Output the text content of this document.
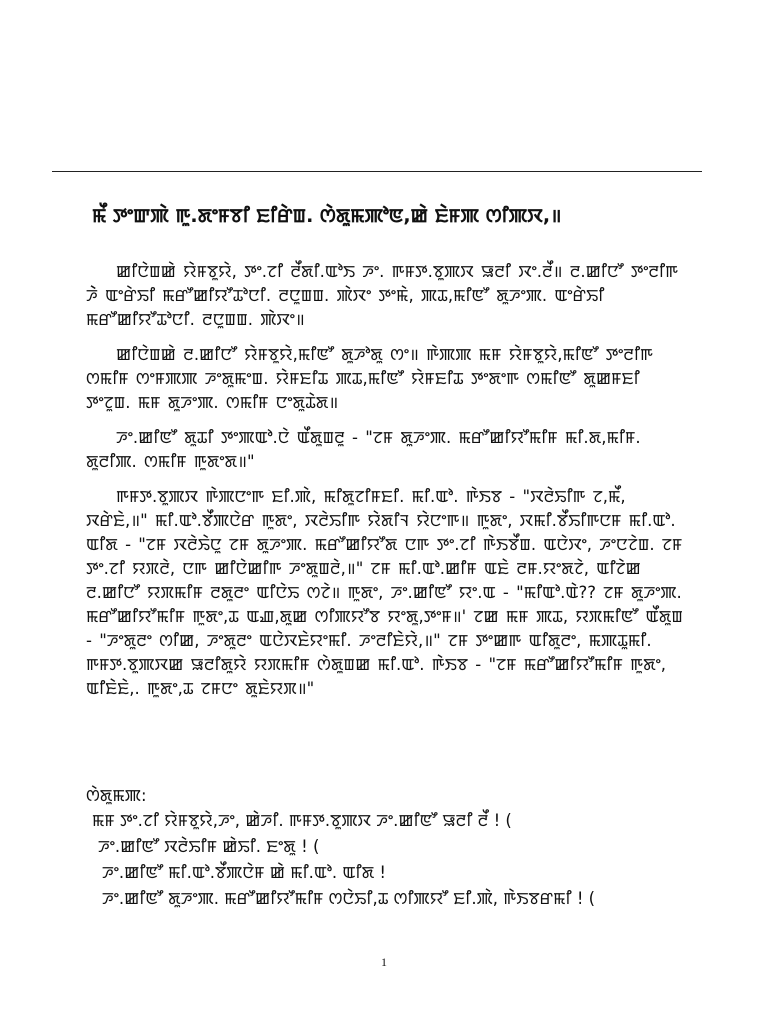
ꯃꯩ ꯇꯦꯛꯄꯥ ꯒꯨ.ꯗꯦꯝꯕꯤ ꯐꯤꯔꯥꯡ. ꯁꯥꯗꯨꯃꯄꯣꯟ,ꯀꯥ ꯐꯥꯝꯄ ꯁꯤꯄꯋ,॥

ꯀꯤꯅꯥꯡꯀꯥ ꯌꯥꯝꯕꯨꯌꯥ, ꯇꯦ.ꯖꯤ ꯂꯩꯗꯤ.ꯑꯣꯏ ꯍꯦ. ꯒꯝꯇ.ꯕꯨꯄꯋ ꯎꯂꯤ ꯋꯦ.ꯂꯩ॥ ꯂ.ꯀꯤꯅꯧ ꯇꯦꯂꯤꯒ ꯍꯥꯥ ꯑꯦꯔꯥꯢꯤ ꯃꯔꯧꯀꯤꯌꯧꯊꯣꯅꯤ. ꯂꯅꯨꯡꯡ. ꯄꯥꯋꯦ ꯇꯦꯃꯥ, ꯄꯊ,ꯃꯤꯟꯧ ꯗꯨꯍꯦꯄ. ꯑꯦꯔꯥꯢꯤ ꯃꯔꯧꯀꯤꯌꯧꯊꯣꯅꯤ. ꯂꯅꯨꯡꯡ. ꯄꯥꯋꯦ॥

ꯀꯤꯅꯥꯡꯀꯥ ꯂ.ꯀꯤꯅꯧ ꯌꯥꯝꯕꯨꯌꯥ,ꯃꯤꯟꯧ ꯗꯨꯍꯣꯗꯨ ꯁꯦ॥ ꯒꯥꯄꯄ ꯃꯝ ꯌꯥꯝꯕꯨꯌꯥ,ꯃꯤꯟꯧ ꯇꯦꯂꯤꯒ ꯁꯃꯤꯝ ꯁꯦꯝꯄꯄ ꯍꯦꯗꯨꯃꯦꯡ. ꯌꯥꯝꯐꯤꯊ ꯄꯊ,ꯃꯤꯟꯧ ꯌꯥꯝꯐꯤꯊ ꯇꯦꯗꯦꯒ ꯁꯃꯤꯟꯧ ꯗꯨꯀꯝꯐꯤ ꯇꯦꯖꯨꯡ. ꯃꯝ ꯗꯨꯍꯦꯄ. ꯁꯃꯤꯝ ꯅꯦꯗꯨꯊꯥꯗ॥

ꯍꯦ.ꯀꯤꯟꯧ ꯗꯨꯊꯤ ꯇꯦꯄꯑꯣ.ꯅꯥ ꯑꯩꯗꯨꯡꯂꯨ - "ꯖꯝ ꯗꯨꯍꯦꯄ. ꯃꯔꯧꯀꯤꯌꯧꯃꯤꯝ ꯃꯤ.ꯗ,ꯃꯤꯝ. ꯗꯨꯂꯤꯄ. ꯁꯃꯤꯝ ꯒꯨꯗꯦꯗ॥"

ꯒꯝꯇ.ꯕꯨꯄꯋ ꯒꯥꯄꯅꯦꯒ ꯐꯤ.ꯄꯥ, ꯃꯤꯗꯨꯖꯤꯝꯐꯤ. ꯃꯤ.ꯑꯣ. ꯒꯥꯏꯕ - "ꯋꯂꯥꯢꯤꯒ ꯖ,ꯃꯩ, ꯋꯔꯥꯐꯥ,॥" ꯃꯤ.ꯑꯣ.ꯕꯩꯄꯅꯥꯔ ꯒꯨꯗꯦ, ꯋꯂꯥꯢꯤꯒ ꯌꯥꯗꯤꯜ ꯌꯥꯅꯦꯒ॥ ꯒꯨꯗꯦ, ꯋꯃꯤ.ꯕꯩꯢꯤꯒꯅꯝ ꯃꯤ.ꯑꯣ. ꯑꯤꯗ - "ꯖꯝ ꯋꯂꯥꯢꯥꯅꯨ ꯖꯝ ꯗꯨꯍꯦꯄ. ꯃꯔꯧꯀꯤꯌꯧꯗ ꯅꯒ ꯇꯦ.ꯖꯤ ꯒꯥꯏꯕꯩꯡ. ꯑꯅꯥꯋꯦ, ꯍꯦꯅꯖꯥꯡ. ꯖꯝ ꯇꯦ.ꯖꯤ ꯌꯞꯂꯥ, ꯅꯒ ꯀꯤꯅꯥꯀꯤꯒ ꯍꯦꯗꯨꯡꯂꯥ,॥" ꯖꯝ ꯃꯤ.ꯑꯣ.ꯀꯤꯝ ꯑꯐꯥ ꯂꯝ.ꯌꯦꯗꯖꯥ, ꯑꯤꯖꯥꯀ ꯂ.ꯀꯤꯅꯧ ꯌꯞꯃꯤꯝ ꯂꯗꯨꯂꯦ ꯑꯤꯅꯥꯢ ꯁꯖꯥ॥ ꯒꯨꯗꯦ, ꯍꯦ.ꯀꯤꯟꯧ ꯌꯦ.ꯑ - "ꯃꯤꯑꯣ.ꯑꯥ?? ꯖꯝ ꯗꯨꯍꯦꯄ. ꯃꯔꯧꯀꯤꯌꯧꯃꯤꯝ ꯒꯨꯗꯦ,ꯊ ꯑꯉ,ꯗꯨꯀ ꯁꯤꯄꯌꯧꯕ ꯌꯦꯗꯨ,ꯇꯦꯝ॥' ꯖꯀ ꯃꯝ ꯄꯊ, ꯌꯞꯃꯤꯟꯧ ꯑꯩꯗꯨꯡ - "ꯍꯦꯗꯨꯂꯦ ꯁꯤꯀ, ꯍꯦꯗꯨꯂꯦ ꯑꯅꯥꯋꯐꯥꯌꯦꯃꯤ. ꯍꯦꯂꯤꯐꯥꯌꯥ,॥" ꯖꯝ ꯇꯦꯀꯒ ꯑꯤꯗꯨꯂꯦ, ꯃꯄꯊꯨꯃꯤ. ꯒꯝꯇ.ꯕꯨꯄꯋꯀ ꯎꯂꯤꯗꯨꯌꯥ ꯌꯞꯃꯤꯝ ꯁꯥꯗꯨꯡꯀ ꯃꯤ.ꯑꯣ. ꯒꯥꯏꯕ - "ꯖꯝ ꯃꯔꯧꯀꯤꯌꯧꯃꯤꯝ ꯒꯨꯗꯦ, ꯑꯤꯐꯥꯐꯥ,. ꯒꯨꯗꯦ,ꯊ ꯖꯝꯅꯦ ꯗꯨꯐꯥꯌꯞ॥"

ꯁꯥꯗꯨꯃꯄ:

ꯃꯝ ꯇꯦ.ꯖꯤ ꯌꯥꯝꯕꯨꯌꯥ,ꯍꯦ, ꯀꯥꯍꯤ. ꯒꯝꯇ.ꯕꯨꯄꯋ ꯍꯦ.ꯀꯤꯟꯧ ꯎꯂꯤ ꯂꯩ ! (

ꯍꯦ.ꯀꯤꯟꯧ ꯋꯂꯥꯢꯤꯝ ꯀꯥꯢꯤ. ꯐꯦꯗꯨ ! (

ꯍꯦ.ꯀꯤꯟꯧ ꯃꯤ.ꯑꯣ.ꯕꯩꯄꯅꯥꯝ ꯀꯥ ꯃꯤ.ꯑꯣ. ꯑꯤꯗ !

ꯍꯦ.ꯀꯤꯟꯧ ꯗꯨꯍꯦꯄ. ꯃꯔꯧꯀꯤꯌꯧꯃꯤꯝ ꯁꯅꯥꯢꯤ,ꯊ ꯁꯤꯄꯌꯧ ꯐꯤ.ꯄꯥ, ꯒꯥꯏꯕꯔꯃꯤ ! (

1
